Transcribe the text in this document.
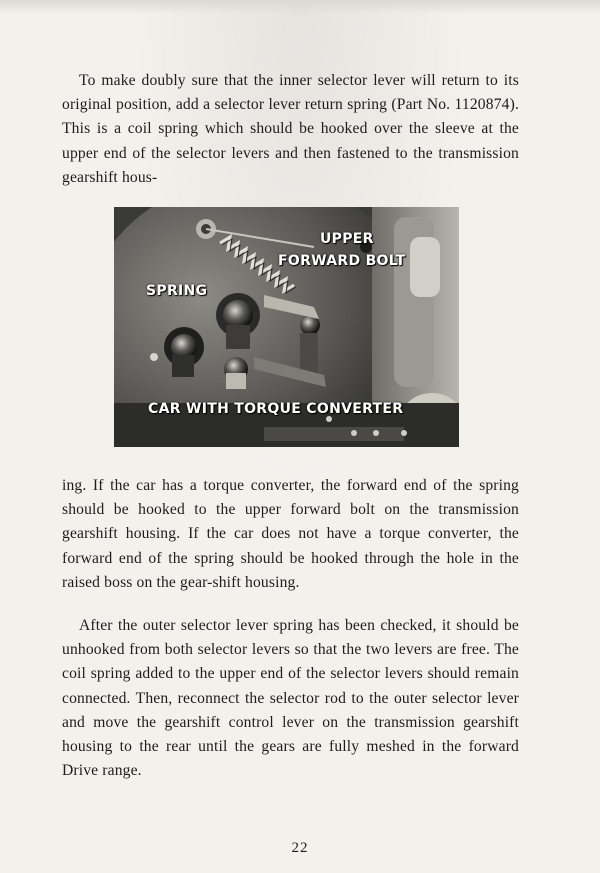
To make doubly sure that the inner selector lever will return to its original position, add a selector lever return spring (Part No. 1120874). This is a coil spring which should be hooked over the sleeve at the upper end of the selector levers and then fastened to the transmission gearshift hous-

UPPER
FORWARD BOLT
SPRING
CAR WITH TORQUE CONVERTER

ing. If the car has a torque converter, the forward end of the spring should be hooked to the upper forward bolt on the transmission gearshift housing. If the car does not have a torque converter, the forward end of the spring should be hooked through the hole in the raised boss on the gear-shift housing.

After the outer selector lever spring has been checked, it should be unhooked from both selector levers so that the two levers are free. The coil spring added to the upper end of the selector levers should remain connected. Then, reconnect the selector rod to the outer selector lever and move the gearshift control lever on the transmission gearshift housing to the rear until the gears are fully meshed in the forward Drive range.

22
